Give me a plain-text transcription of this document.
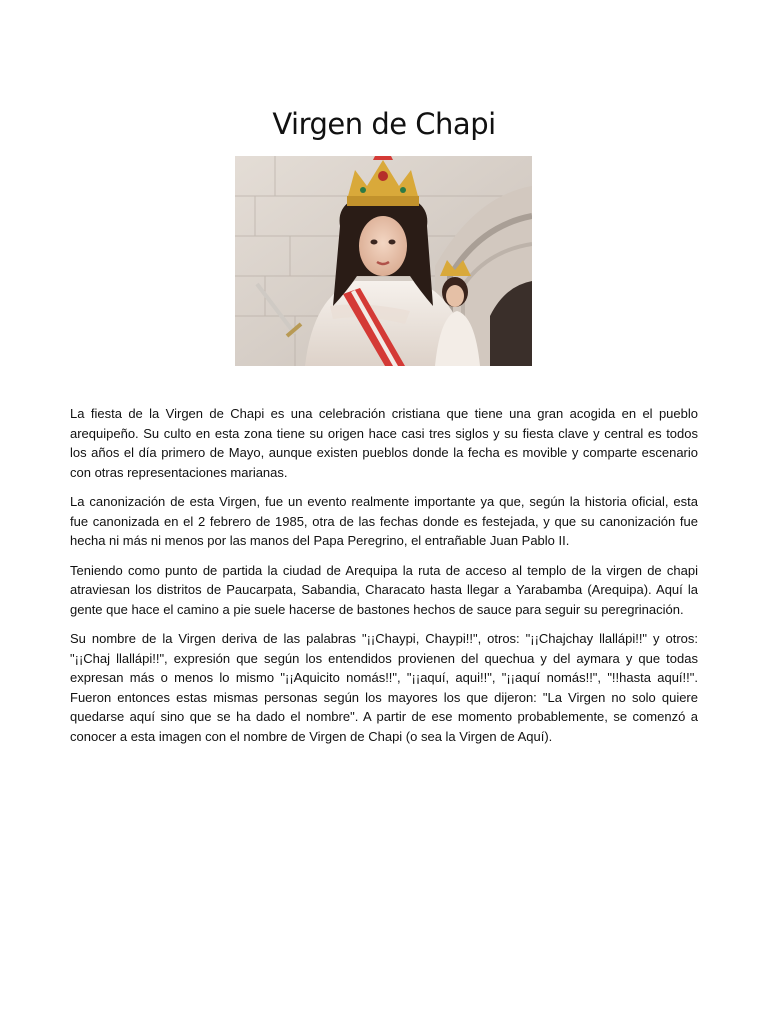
Virgen de Chapi

La fiesta de la Virgen de Chapi es una celebración cristiana que tiene una gran acogida en el pueblo arequipeño. Su culto en esta zona tiene su origen hace casi tres siglos y su fiesta clave y central es todos los años el día primero de Mayo, aunque existen pueblos donde la fecha es movible y comparte escenario con otras representaciones marianas.

La canonización de esta Virgen, fue un evento realmente importante ya que, según la historia oficial, esta fue canonizada en el 2 febrero de 1985, otra de las fechas donde es festejada, y que su canonización fue hecha ni más ni menos por las manos del Papa Peregrino, el entrañable Juan Pablo II.

Teniendo como punto de partida la ciudad de Arequipa la ruta de acceso al templo de la virgen de chapi atraviesan los distritos de Paucarpata, Sabandia, Characato hasta llegar a Yarabamba (Arequipa). Aquí la gente que hace el camino a pie suele hacerse de bastones hechos de sauce para seguir su peregrinación.

Su nombre de la Virgen deriva de las palabras "¡¡Chaypi, Chaypi!!", otros: "¡¡Chajchay llallápi!!" y otros: "¡¡Chaj llallápi!!", expresión que según los entendidos provienen del quechua y del aymara y que todas expresan más o menos lo mismo "¡¡Aquicito nomás!!", "¡¡aquí, aqui!!", "¡¡aquí nomás!!", "!!hasta aquí!!". Fueron entonces estas mismas personas según los mayores los que dijeron: "La Virgen no solo quiere quedarse aquí sino que se ha dado el nombre". A partir de ese momento probablemente, se comenzó a conocer a esta imagen con el nombre de Virgen de Chapi (o sea la Virgen de Aquí).
